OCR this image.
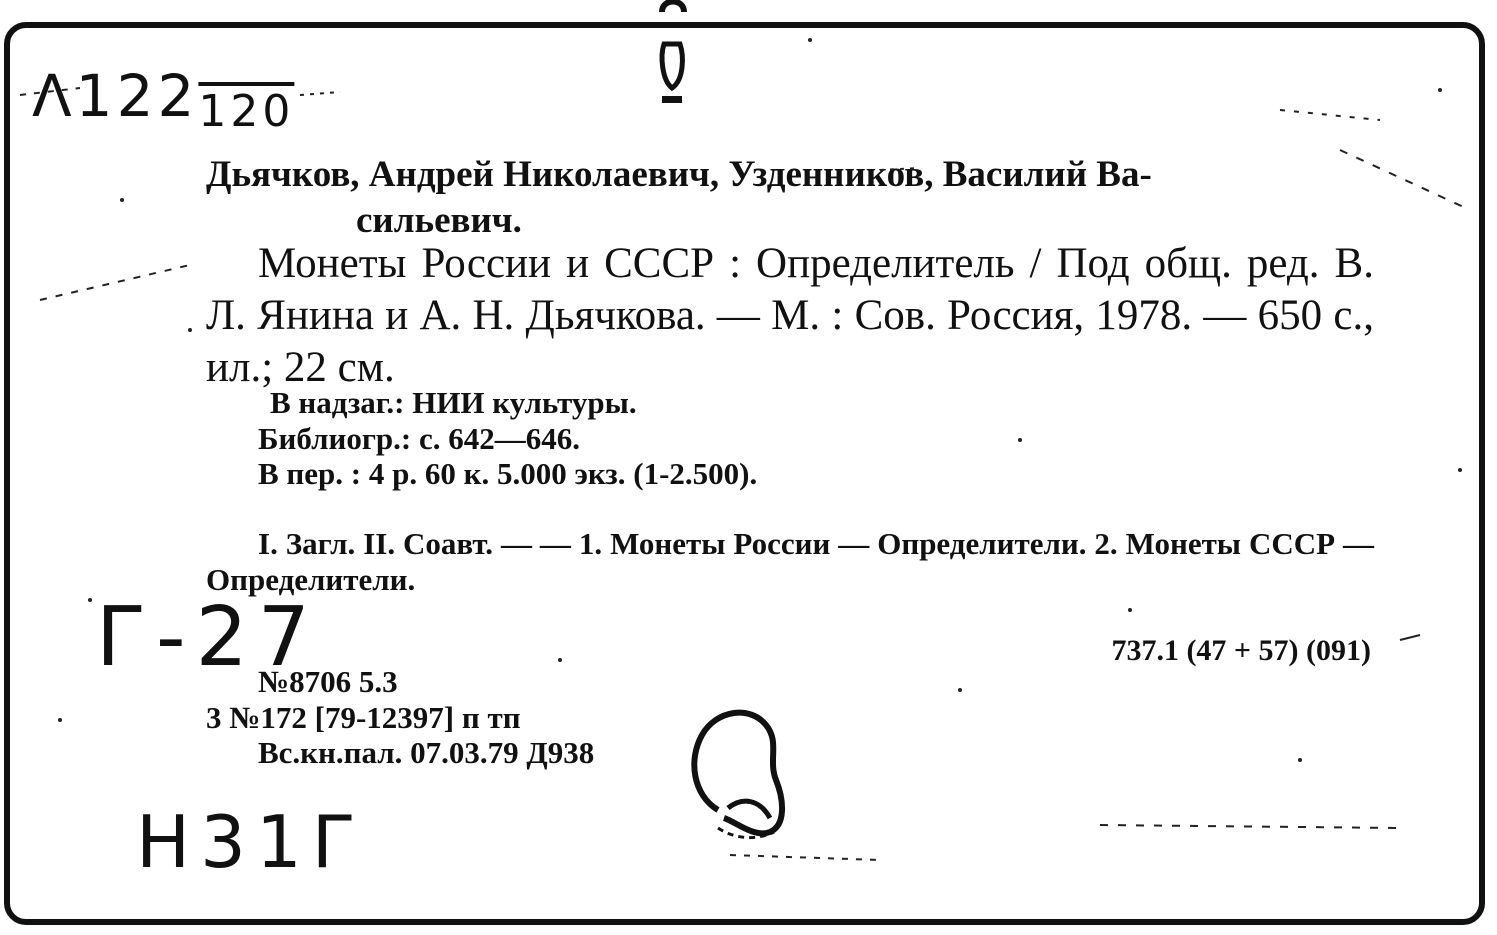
Λ122120
Дьячков, Андрей Николаевич, Узденников, Василий Ва-
сильевич.
Монеты России и СССР : Определитель / Под общ. ред. В. Л. Янина и А. Н. Дьячкова. — М. : Сов. Россия, 1978. — 650 с., ил.; 22 см.
В надзаг.: НИИ культуры.
Библиогр.: с. 642—646.
В пер. : 4 р. 60 к. 5.000 экз. (1-2.500).
I. Загл. II. Соавт. — — 1. Монеты России — Определители. 2. Монеты СССР — Определители.
Г-27	737.1 (47 + 57) (091)
№8706 5.3
3 №172 [79-12397] п тп
Вс.кн.пал. 07.03.79 Д938
H31Г
